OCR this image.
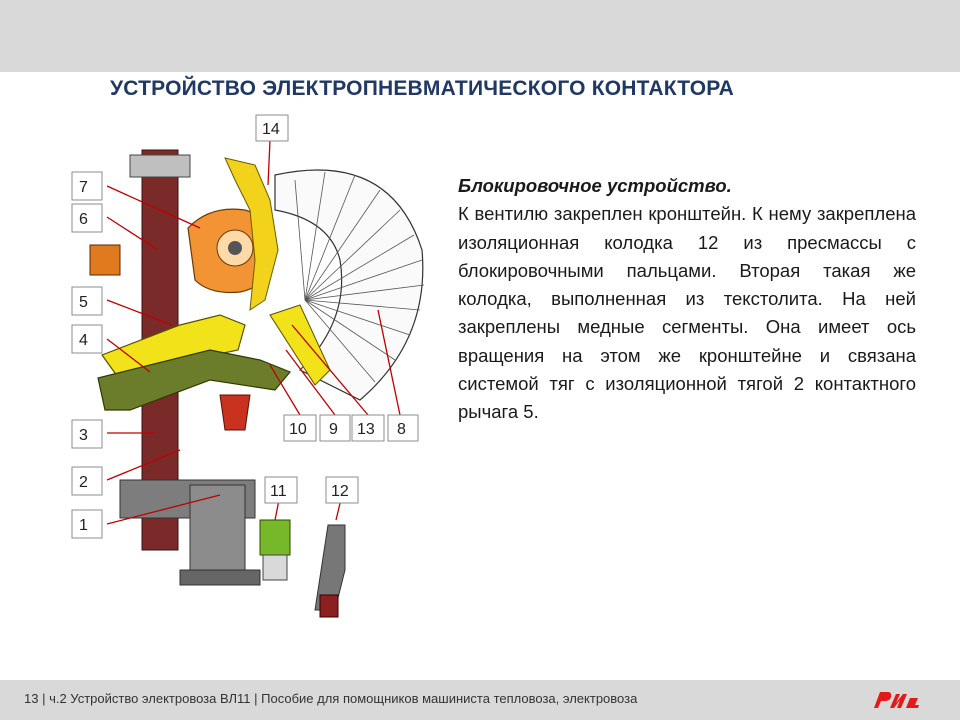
УСТРОЙСТВО ЭЛЕКТРОПНЕВМАТИЧЕСКОГО КОНТАКТОРА
7
6
5
4
3
2
1
14
10 9 13 8
11	12
Блокировочное устройство.
К вентилю закреплен кронштейн. К нему закреплена изоляционная колодка 12 из пресмассы с блокировочными пальцами. Вторая такая же колодка, выполненная из текстолита. На ней закреплены медные сегменты. Она имеет ось вращения на этом же кронштейне и связана системой тяг с изоляционной тягой 2 контактного рычага 5.
13 | ч.2 Устройство электровоза ВЛ11 | Пособие для помощников машиниста тепловоза, электровоза
